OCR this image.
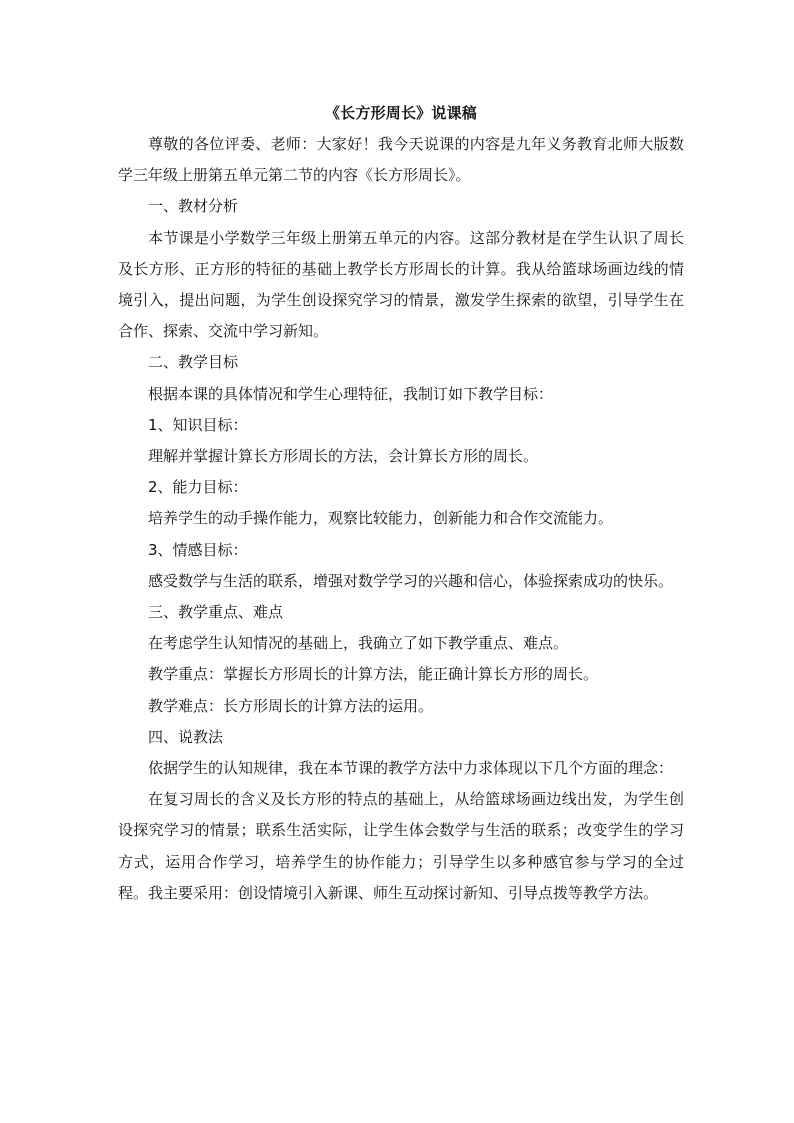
《长方形周长》说课稿

尊敬的各位评委、老师：大家好！我今天说课的内容是九年义务教育北师大版数学三年级上册第五单元第二节的内容《长方形周长》。

一、教材分析

本节课是小学数学三年级上册第五单元的内容。这部分教材是在学生认识了周长及长方形、正方形的特征的基础上教学长方形周长的计算。我从给篮球场画边线的情境引入，提出问题，为学生创设探究学习的情景，激发学生探索的欲望，引导学生在合作、探索、交流中学习新知。

二、教学目标

根据本课的具体情况和学生心理特征，我制订如下教学目标：

1、知识目标：

理解并掌握计算长方形周长的方法，会计算长方形的周长。

2、能力目标：

培养学生的动手操作能力，观察比较能力，创新能力和合作交流能力。

3、情感目标：

感受数学与生活的联系，增强对数学学习的兴趣和信心，体验探索成功的快乐。

三、教学重点、难点

在考虑学生认知情况的基础上，我确立了如下教学重点、难点。

教学重点：掌握长方形周长的计算方法，能正确计算长方形的周长。

教学难点：长方形周长的计算方法的运用。

四、说教法

依据学生的认知规律，我在本节课的教学方法中力求体现以下几个方面的理念：

在复习周长的含义及长方形的特点的基础上，从给篮球场画边线出发，为学生创设探究学习的情景；联系生活实际，让学生体会数学与生活的联系；改变学生的学习方式，运用合作学习，培养学生的协作能力；引导学生以多种感官参与学习的全过程。我主要采用：创设情境引入新课、师生互动探讨新知、引导点拨等教学方法。
